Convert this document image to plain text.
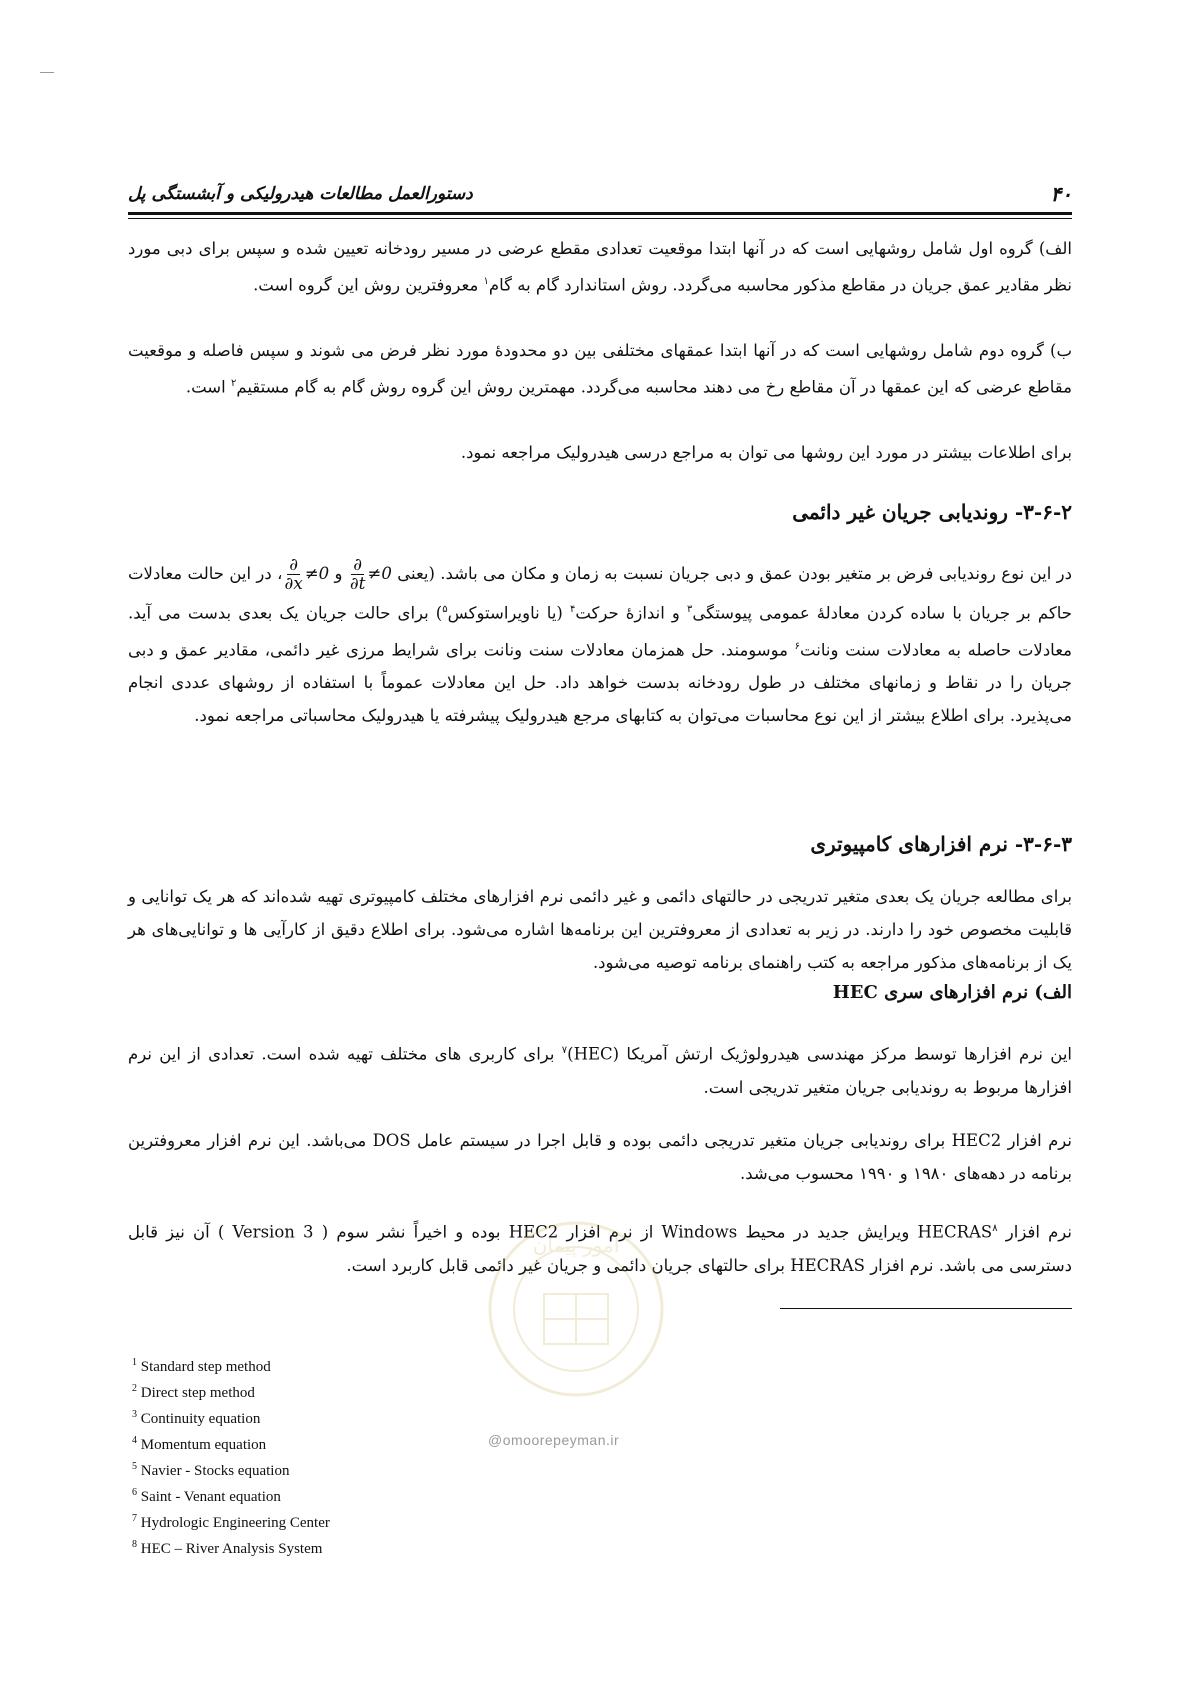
۴۰
دستورالعمل مطالعات هیدرولیکی و آبشستگی پل
الف) گروه اول شامل روشهایی است که در آنها ابتدا موقعیت تعدادی مقطع عرضی در مسیر رودخانه تعیین شده و سپس برای دبی مورد نظر مقادیر عمق جریان در مقاطع مذکور محاسبه می‌گردد. روش استاندارد گام به گام$^۱$ معروفترین روش این گروه است.
ب) گروه دوم شامل روشهایی است که در آنها ابتدا عمقهای مختلفی بین دو محدودهٔ مورد نظر فرض می شوند و سپس فاصله و موقعیت مقاطع عرضی که این عمقها در آن مقاطع رخ می دهند محاسبه می‌گردد. مهمترین روش این گروه روش گام به گام مستقیم$^۲$ است.
برای اطلاعات بیشتر در مورد این روشها می توان به مراجع درسی هیدرولیک مراجعه نمود.
۳-۶-۲- روندیابی جریان غیر دائمی
در این نوع روندیابی فرض بر متغیر بودن عمق و دبی جریان نسبت به زمان و مکان می باشد. (یعنی
$\frac{\partial}{\partial t} \ne 0$ و
$\frac{\partial}{\partial x}$ ≠0، در این حالت معادلات حاکم بر جریان با ساده کردن معادلهٔ عمومی پیوستگی$^۳$ و اندازهٔ حرکت$^۴$ (یا ناویراستوکس$^۵$) برای حالت جریان یک بعدی بدست می آید. معادلات حاصله به معادلات سنت ونانت$^۶$ موسومند. حل همزمان معادلات سنت ونانت برای شرایط مرزی غیر دائمی، مقادیر عمق و دبی جریان را در نقاط و زمانهای مختلف در طول رودخانه بدست خواهد داد. حل این معادلات عموماً با استفاده از روشهای عددی انجام می‌پذیرد. برای اطلاع بیشتر از این نوع محاسبات می‌توان به کتابهای مرجع هیدرولیک پیشرفته یا هیدرولیک محاسباتی مراجعه نمود.
۳-۶-۳- نرم افزارهای کامپیوتری
برای مطالعه جریان یک بعدی متغیر تدریجی در حالتهای دائمی و غیر دائمی نرم افزارهای مختلف کامپیوتری تهیه شده‌اند که هر یک توانایی و قابلیت مخصوص خود را دارند. در زیر به تعدادی از معروفترین این برنامه‌ها اشاره می‌شود. برای اطلاع دقیق از کارآیی ها و توانایی‌های هر یک از برنامه‌های مذکور مراجعه به کتب راهنمای برنامه توصیه می‌شود.
الف) نرم افزارهای سری HEC
این نرم افزارها توسط مرکز مهندسی هیدرولوژیک ارتش آمریکا (HEC)$^۷$ برای کاربری های مختلف تهیه شده است. تعدادی از این نرم افزارها مربوط به روندیابی جریان متغیر تدریجی است.
نرم افزار HEC2 برای روندیابی جریان متغیر تدریجی دائمی بوده و قابل اجرا در سیستم عامل DOS می‌باشد. این نرم افزار معروفترین برنامه در دهه‌های ۱۹۸۰ و ۱۹۹۰ محسوب می‌شد.
نرم افزار HECRAS$^۸$ ویرایش جدید در محیط Windows از نرم افزار HEC2 بوده و اخیراً نشر سوم ( Version 3 ) آن نیز قابل دسترسی می باشد. نرم افزار HECRAS برای حالتهای جریان دائمی و جریان غیر دائمی قابل کاربرد است.
امور پیمان
@omoorepeyman.ir
$^1$ Standard step method
$^2$ Direct step method
$^3$ Continuity equation
$^4$ Momentum equation
$^5$ Navier - Stocks equation
$^6$ Saint - Venant equation
$^7$ Hydrologic Engineering Center
$^8$ HEC – River Analysis System
